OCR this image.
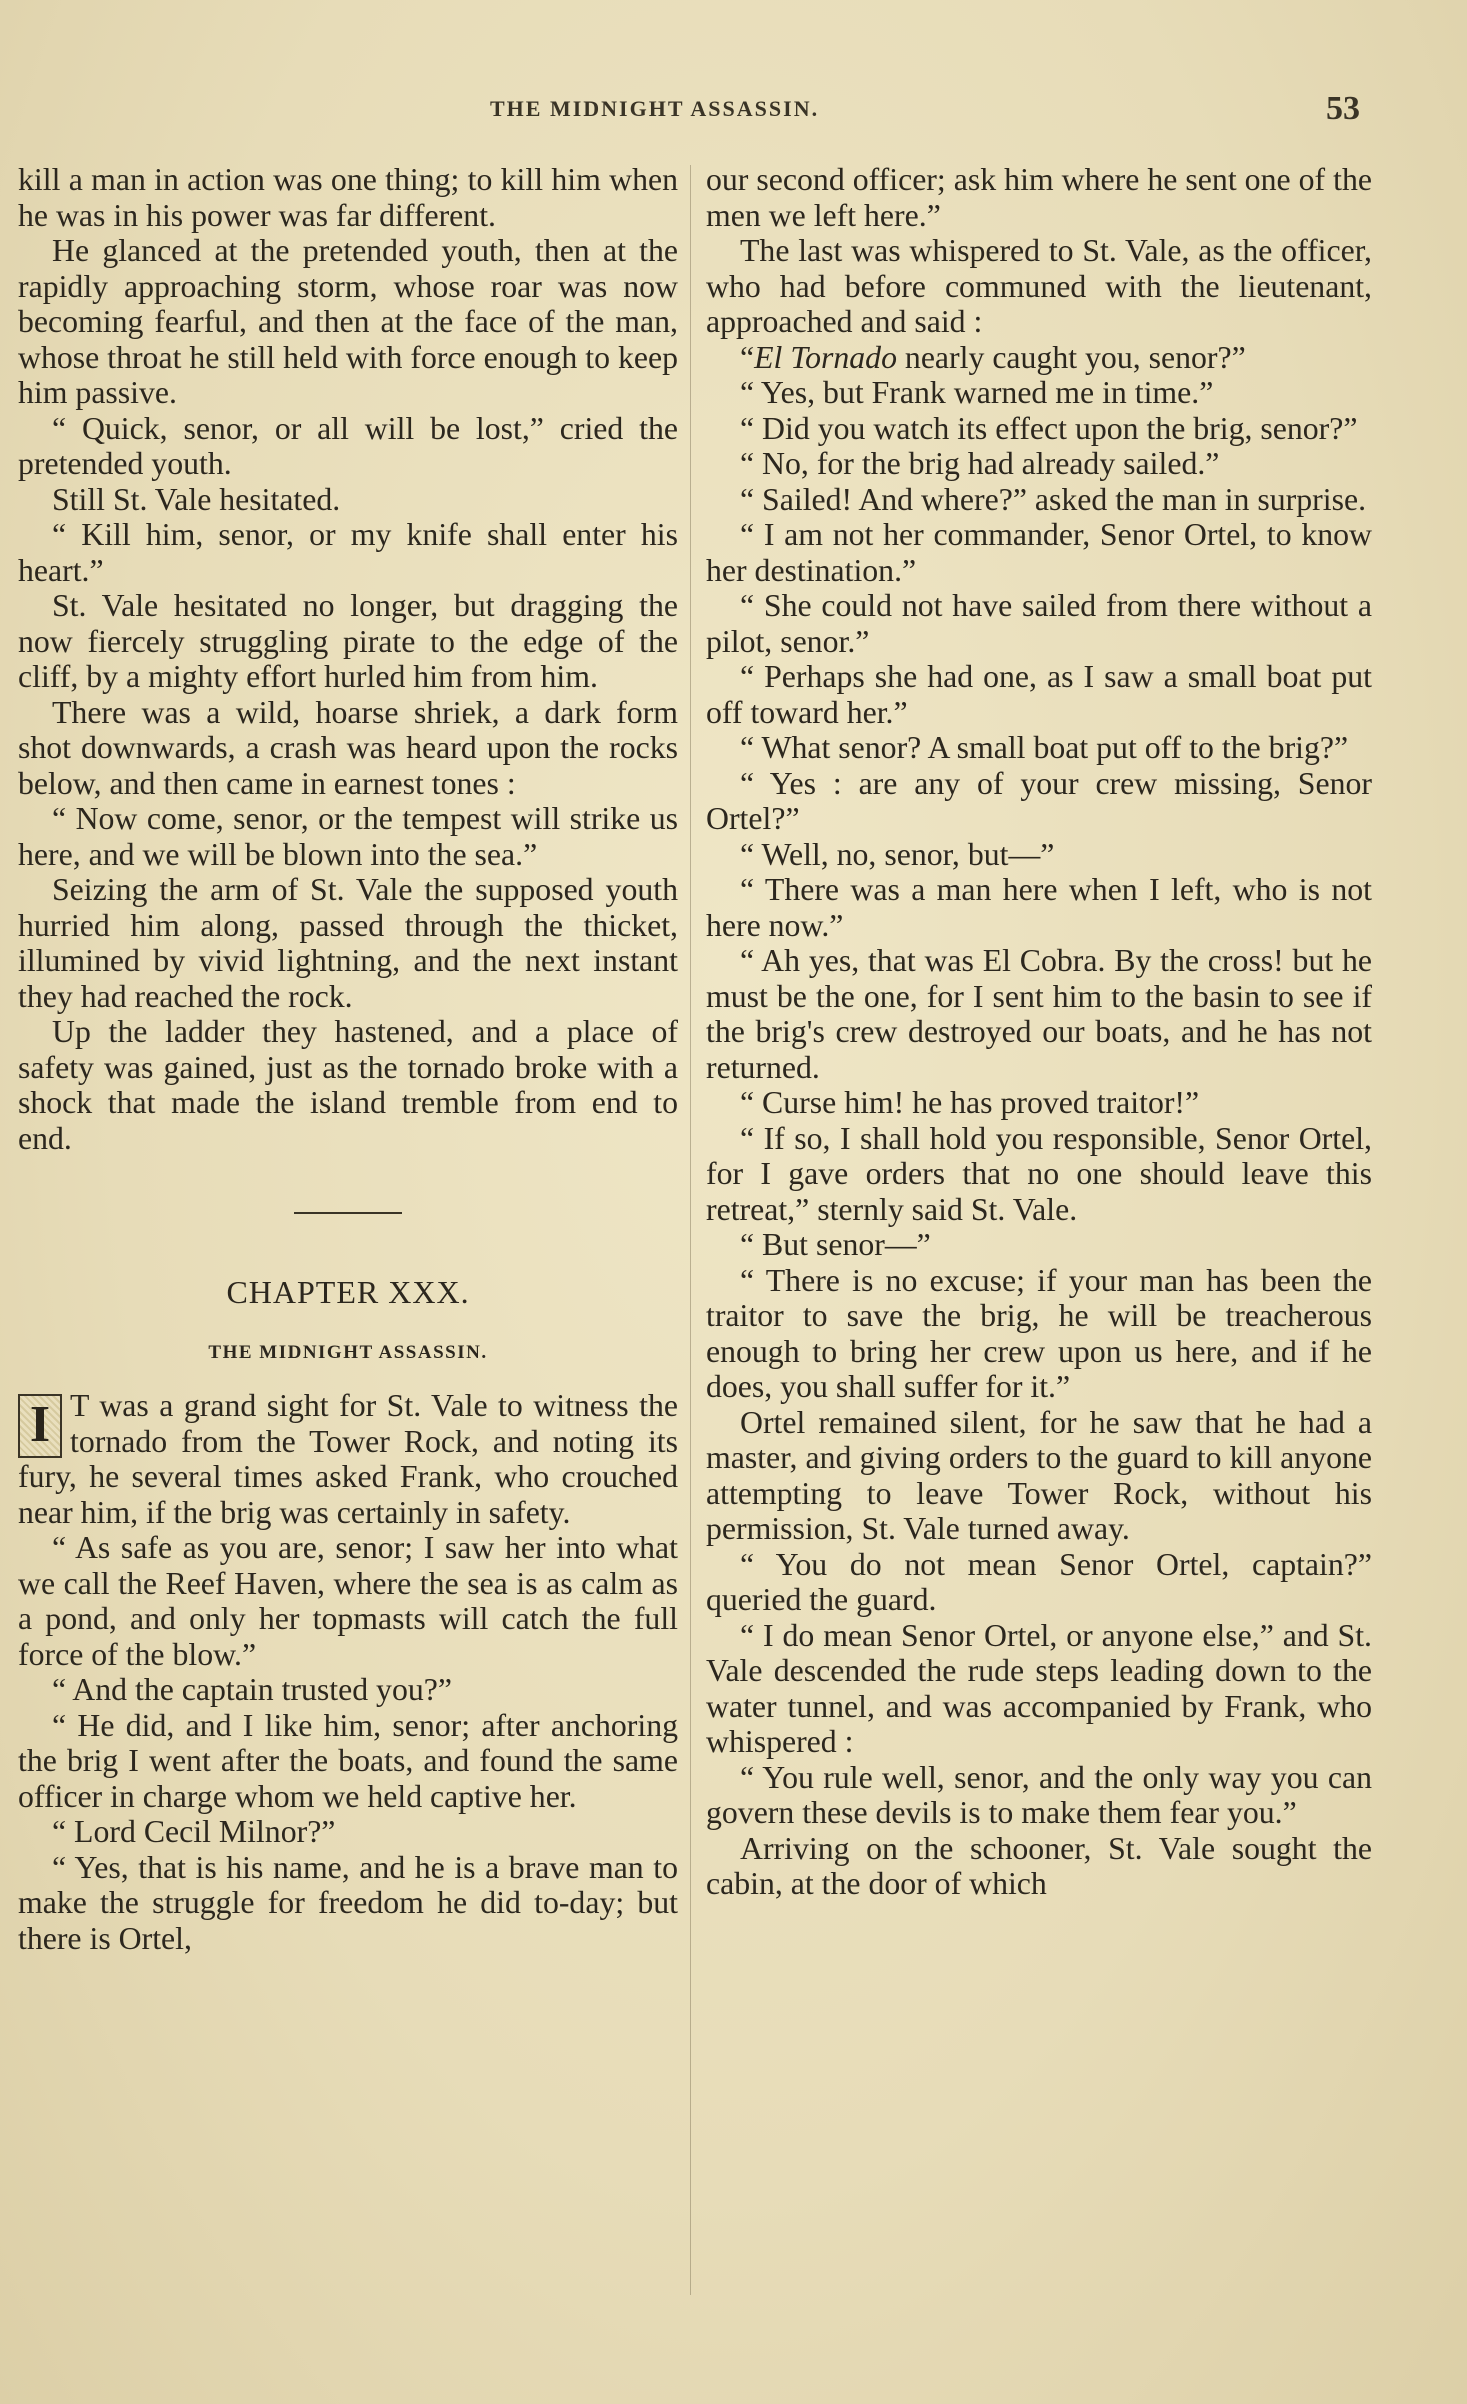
THE MIDNIGHT ASSASSIN.	53

kill a man in action was one thing; to kill him when he was in his power was far different.

He glanced at the pretended youth, then at the rapidly approaching storm, whose roar was now becoming fearful, and then at the face of the man, whose throat he still held with force enough to keep him passive.

“ Quick, senor, or all will be lost,” cried the pretended youth.

Still St. Vale hesitated.

“ Kill him, senor, or my knife shall enter his heart.”

St. Vale hesitated no longer, but dragging the now fiercely struggling pirate to the edge of the cliff, by a mighty effort hurled him from him.

There was a wild, hoarse shriek, a dark form shot downwards, a crash was heard upon the rocks below, and then came in earnest tones :

“ Now come, senor, or the tempest will strike us here, and we will be blown into the sea.”

Seizing the arm of St. Vale the supposed youth hurried him along, passed through the thicket, illumined by vivid lightning, and the next instant they had reached the rock.

Up the ladder they hastened, and a place of safety was gained, just as the tornado broke with a shock that made the island tremble from end to end.

CHAPTER XXX.
THE MIDNIGHT ASSASSIN.

I T was a grand sight for St. Vale to witness the tornado from the Tower Rock, and noting its fury, he several times asked Frank, who crouched near him, if the brig was certainly in safety.

“ As safe as you are, senor; I saw her into what we call the Reef Haven, where the sea is as calm as a pond, and only her topmasts will catch the full force of the blow.”

“ And the captain trusted you?”

“ He did, and I like him, senor; after anchoring the brig I went after the boats, and found the same officer in charge whom we held captive her.

“ Lord Cecil Milnor?”

“ Yes, that is his name, and he is a brave man to make the struggle for freedom he did to-day; but there is Ortel,

our second officer; ask him where he sent one of the men we left here.”

The last was whispered to St. Vale, as the officer, who had before communed with the lieutenant, approached and said :

“El Tornado nearly caught you, senor?”

“ Yes, but Frank warned me in time.”

“ Did you watch its effect upon the brig, senor?”

“ No, for the brig had already sailed.”

“ Sailed! And where?” asked the man in surprise.

“ I am not her commander, Senor Ortel, to know her destination.”

“ She could not have sailed from there without a pilot, senor.”

“ Perhaps she had one, as I saw a small boat put off toward her.”

“ What senor? A small boat put off to the brig?”

“ Yes : are any of your crew missing, Senor Ortel?”

“ Well, no, senor, but—”

“ There was a man here when I left, who is not here now.”

“ Ah yes, that was El Cobra. By the cross! but he must be the one, for I sent him to the basin to see if the brig's crew destroyed our boats, and he has not returned.

“ Curse him! he has proved traitor!”

“ If so, I shall hold you responsible, Senor Ortel, for I gave orders that no one should leave this retreat,” sternly said St. Vale.

“ But senor—”

“ There is no excuse; if your man has been the traitor to save the brig, he will be treacherous enough to bring her crew upon us here, and if he does, you shall suffer for it.”

Ortel remained silent, for he saw that he had a master, and giving orders to the guard to kill anyone attempting to leave Tower Rock, without his permission, St. Vale turned away.

“ You do not mean Senor Ortel, captain?” queried the guard.

“ I do mean Senor Ortel, or anyone else,” and St. Vale descended the rude steps leading down to the water tunnel, and was accompanied by Frank, who whispered :

“ You rule well, senor, and the only way you can govern these devils is to make them fear you.”

Arriving on the schooner, St. Vale sought the cabin, at the door of which
